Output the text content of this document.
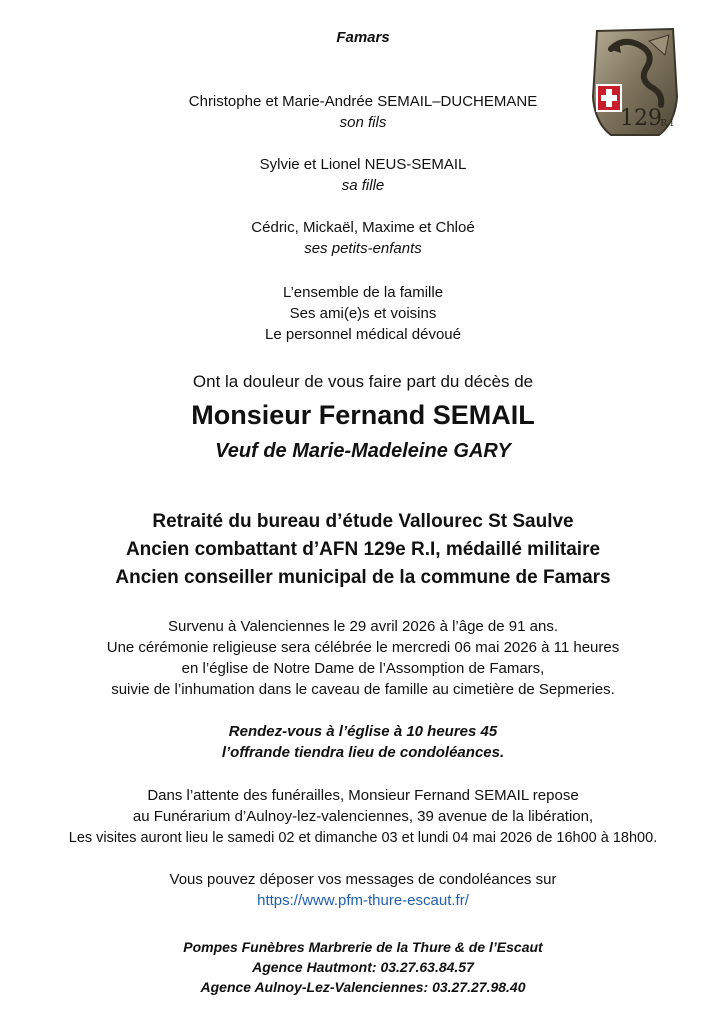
Famars
129
R.I
Christophe et Marie-Andrée SEMAIL–DUCHEMANE
son fils
Sylvie et Lionel NEUS-SEMAIL
sa fille
Cédric, Mickaël, Maxime et Chloé
ses petits-enfants
L’ensemble de la famille
Ses ami(e)s et voisins
Le personnel médical dévoué
Ont la douleur de vous faire part du décès de
Monsieur Fernand SEMAIL
Veuf de Marie-Madeleine GARY
Retraité du bureau d’étude Vallourec St Saulve
Ancien combattant d’AFN 129e R.I, médaillé militaire
Ancien conseiller municipal de la commune de Famars
Survenu à Valenciennes le 29 avril 2026 à l’âge de 91 ans.
Une cérémonie religieuse sera célébrée le mercredi 06 mai 2026 à 11 heures
en l’église de Notre Dame de l’Assomption de Famars,
suivie de l’inhumation dans le caveau de famille au cimetière de Sepmeries.
Rendez-vous à l’église à 10 heures 45
l’offrande tiendra lieu de condoléances.
Dans l’attente des funérailles, Monsieur Fernand SEMAIL repose
au Funérarium d’Aulnoy-lez-valenciennes, 39 avenue de la libération,
Les visites auront lieu le samedi 02 et dimanche 03 et lundi 04 mai 2026 de 16h00 à 18h00.
Vous pouvez déposer vos messages de condoléances sur
https://www.pfm-thure-escaut.fr/
Pompes Funèbres Marbrerie de la Thure & de l’Escaut
Agence Hautmont: 03.27.63.84.57
Agence Aulnoy-Lez-Valenciennes: 03.27.27.98.40
